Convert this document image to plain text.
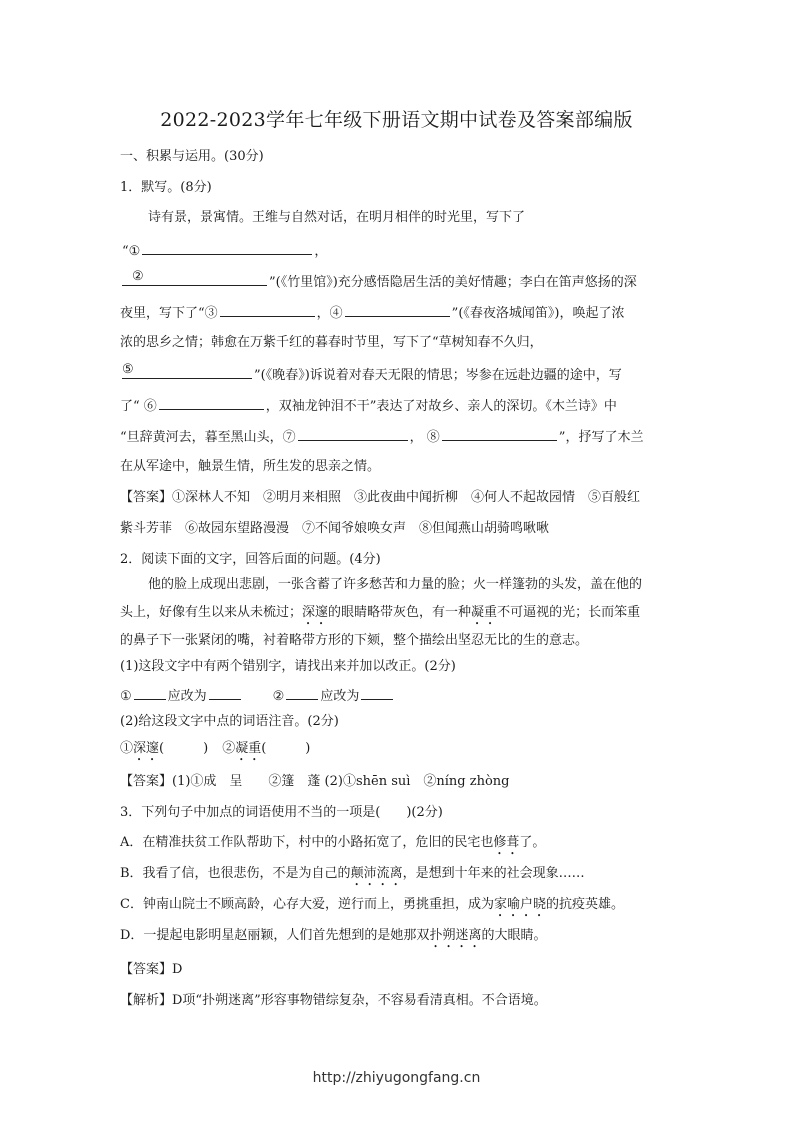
2022-2023学年七年级下册语文期中试卷及答案部编版
一、积累与运用。(30分)
1．默写。(8分)
诗有景，景寓情。王维与自然对话，在明月相伴的时光里，写下了
“①	，
②	”(《竹里馆》)充分感悟隐居生活的美好情趣；李白在笛声悠扬的深
夜里，写下了“③	，④	”(《春夜洛城闻笛》)，唤起了浓
浓的思乡之情；韩愈在万紫千红的暮春时节里，写下了“草树知春不久归，
⑤	”(《晚春》)诉说着对春天无限的情思；岑参在远赴边疆的途中，写
了“ ⑥	，双袖龙钟泪不干”表达了对故乡、亲人的深切。《木兰诗》中
“旦辞黄河去，暮至黑山头，⑦	， ⑧	”，抒写了木兰
在从军途中，触景生情，所生发的思亲之情。
【答案】①深林人不知　②明月来相照　③此夜曲中闻折柳　④何人不起故园情　⑤百般红
紫斗芳菲　⑥故园东望路漫漫　⑦不闻爷娘唤女声　⑧但闻燕山胡骑鸣啾啾
2．阅读下面的文字，回答后面的问题。(4分)
他的脸上成现出悲剧，一张含蓄了许多愁苦和力量的脸；火一样篷勃的头发，盖在他的
头上，好像有生以来从未梳过；深邃的眼睛略带灰色，有一种凝重不可逼视的光；长而笨重
的鼻子下一张紧闭的嘴，衬着略带方形的下颏，整个描绘出坚忍无比的生的意志。
(1)这段文字中有两个错别字，请找出来并加以改正。(2分)
①	应改为	②	应改为
(2)给这段文字中点的词语注音。(2分)
①深邃(　　　) ②凝重(　　　)
【答案】(1)①成　呈　　②篷　蓬 (2)①shēn suì　②níng zhòng
3．下列句子中加点的词语使用不当的一项是(　　)(2分)
A．在精准扶贫工作队帮助下，村中的小路拓宽了，危旧的民宅也修葺了。
B．我看了信，也很悲伤，不是为自己的颠沛流离，是想到十年来的社会现象……
C．钟南山院士不顾高龄，心存大爱，逆行而上，勇挑重担，成为家喻户晓的抗疫英雄。
D．一提起电影明星赵丽颖，人们首先想到的是她那双扑朔迷离的大眼睛。
【答案】D
【解析】D项“扑朔迷离”形容事物错综复杂，不容易看清真相。不合语境。
http://zhiyugongfang.cn
